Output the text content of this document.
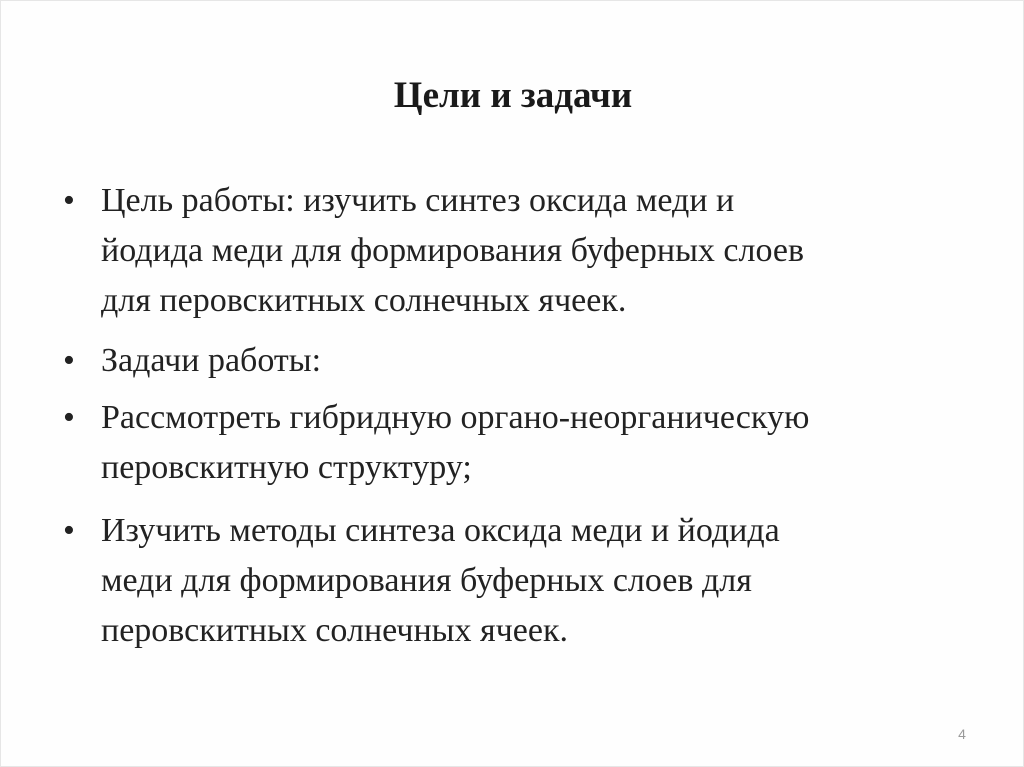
Цели и задачи
• Цель работы: изучить синтез оксида меди и
йодида меди для формирования буферных слоев
для перовскитных солнечных ячеек.
• Задачи работы:
• Рассмотреть гибридную органо-неорганическую
перовскитную структуру;
• Изучить методы синтеза оксида меди и йодида
меди для формирования буферных слоев для
перовскитных солнечных ячеек.
4
